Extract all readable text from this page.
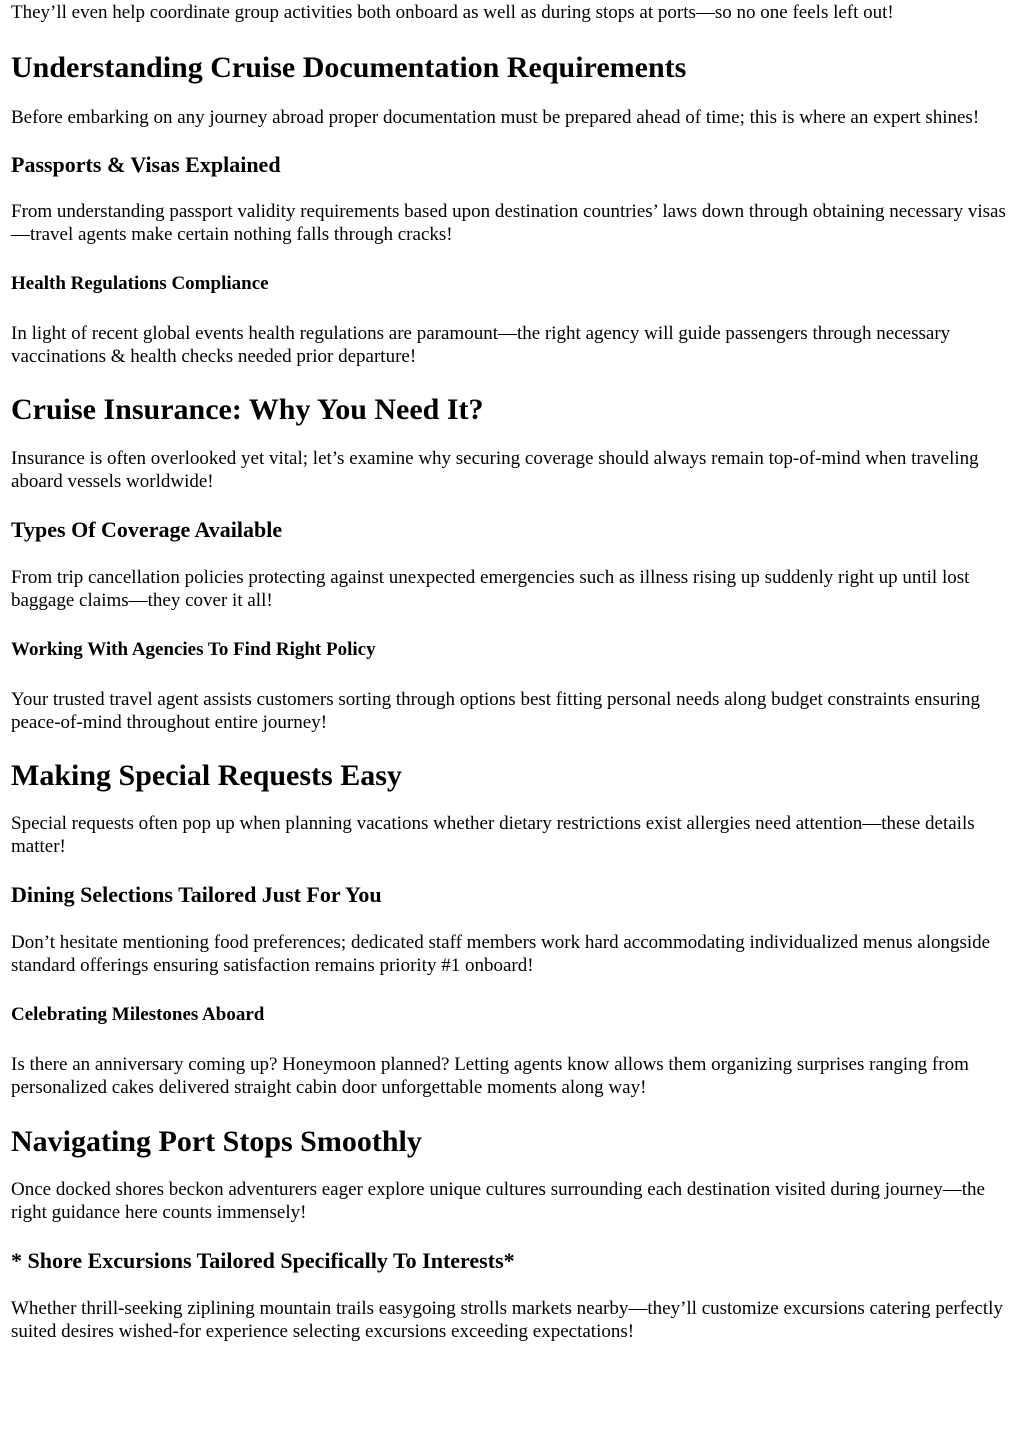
They’ll even help coordinate group activities both onboard as well as during stops at ports—so no one feels left out!

Understanding Cruise Documentation Requirements

Before embarking on any journey abroad proper documentation must be prepared ahead of time; this is where an expert shines!

Passports & Visas Explained

From understanding passport validity requirements based upon destination countries’ laws down through obtaining necessary visas—travel agents make certain nothing falls through cracks!

Health Regulations Compliance

In light of recent global events health regulations are paramount—the right agency will guide passengers through necessary vaccinations & health checks needed prior departure!

Cruise Insurance: Why You Need It?

Insurance is often overlooked yet vital; let’s examine why securing coverage should always remain top-of-mind when traveling aboard vessels worldwide!

Types Of Coverage Available

From trip cancellation policies protecting against unexpected emergencies such as illness rising up suddenly right up until lost baggage claims—they cover it all!

Working With Agencies To Find Right Policy

Your trusted travel agent assists customers sorting through options best fitting personal needs along budget constraints ensuring peace-of-mind throughout entire journey!

Making Special Requests Easy

Special requests often pop up when planning vacations whether dietary restrictions exist allergies need attention—these details matter!

Dining Selections Tailored Just For You

Don’t hesitate mentioning food preferences; dedicated staff members work hard accommodating individualized menus alongside standard offerings ensuring satisfaction remains priority #1 onboard!

Celebrating Milestones Aboard

Is there an anniversary coming up? Honeymoon planned? Letting agents know allows them organizing surprises ranging from personalized cakes delivered straight cabin door unforgettable moments along way!

Navigating Port Stops Smoothly

Once docked shores beckon adventurers eager explore unique cultures surrounding each destination visited during journey—the right guidance here counts immensely!

* Shore Excursions Tailored Specifically To Interests*

Whether thrill-seeking ziplining mountain trails easygoing strolls markets nearby—they’ll customize excursions catering perfectly suited desires wished-for experience selecting excursions exceeding expectations!
